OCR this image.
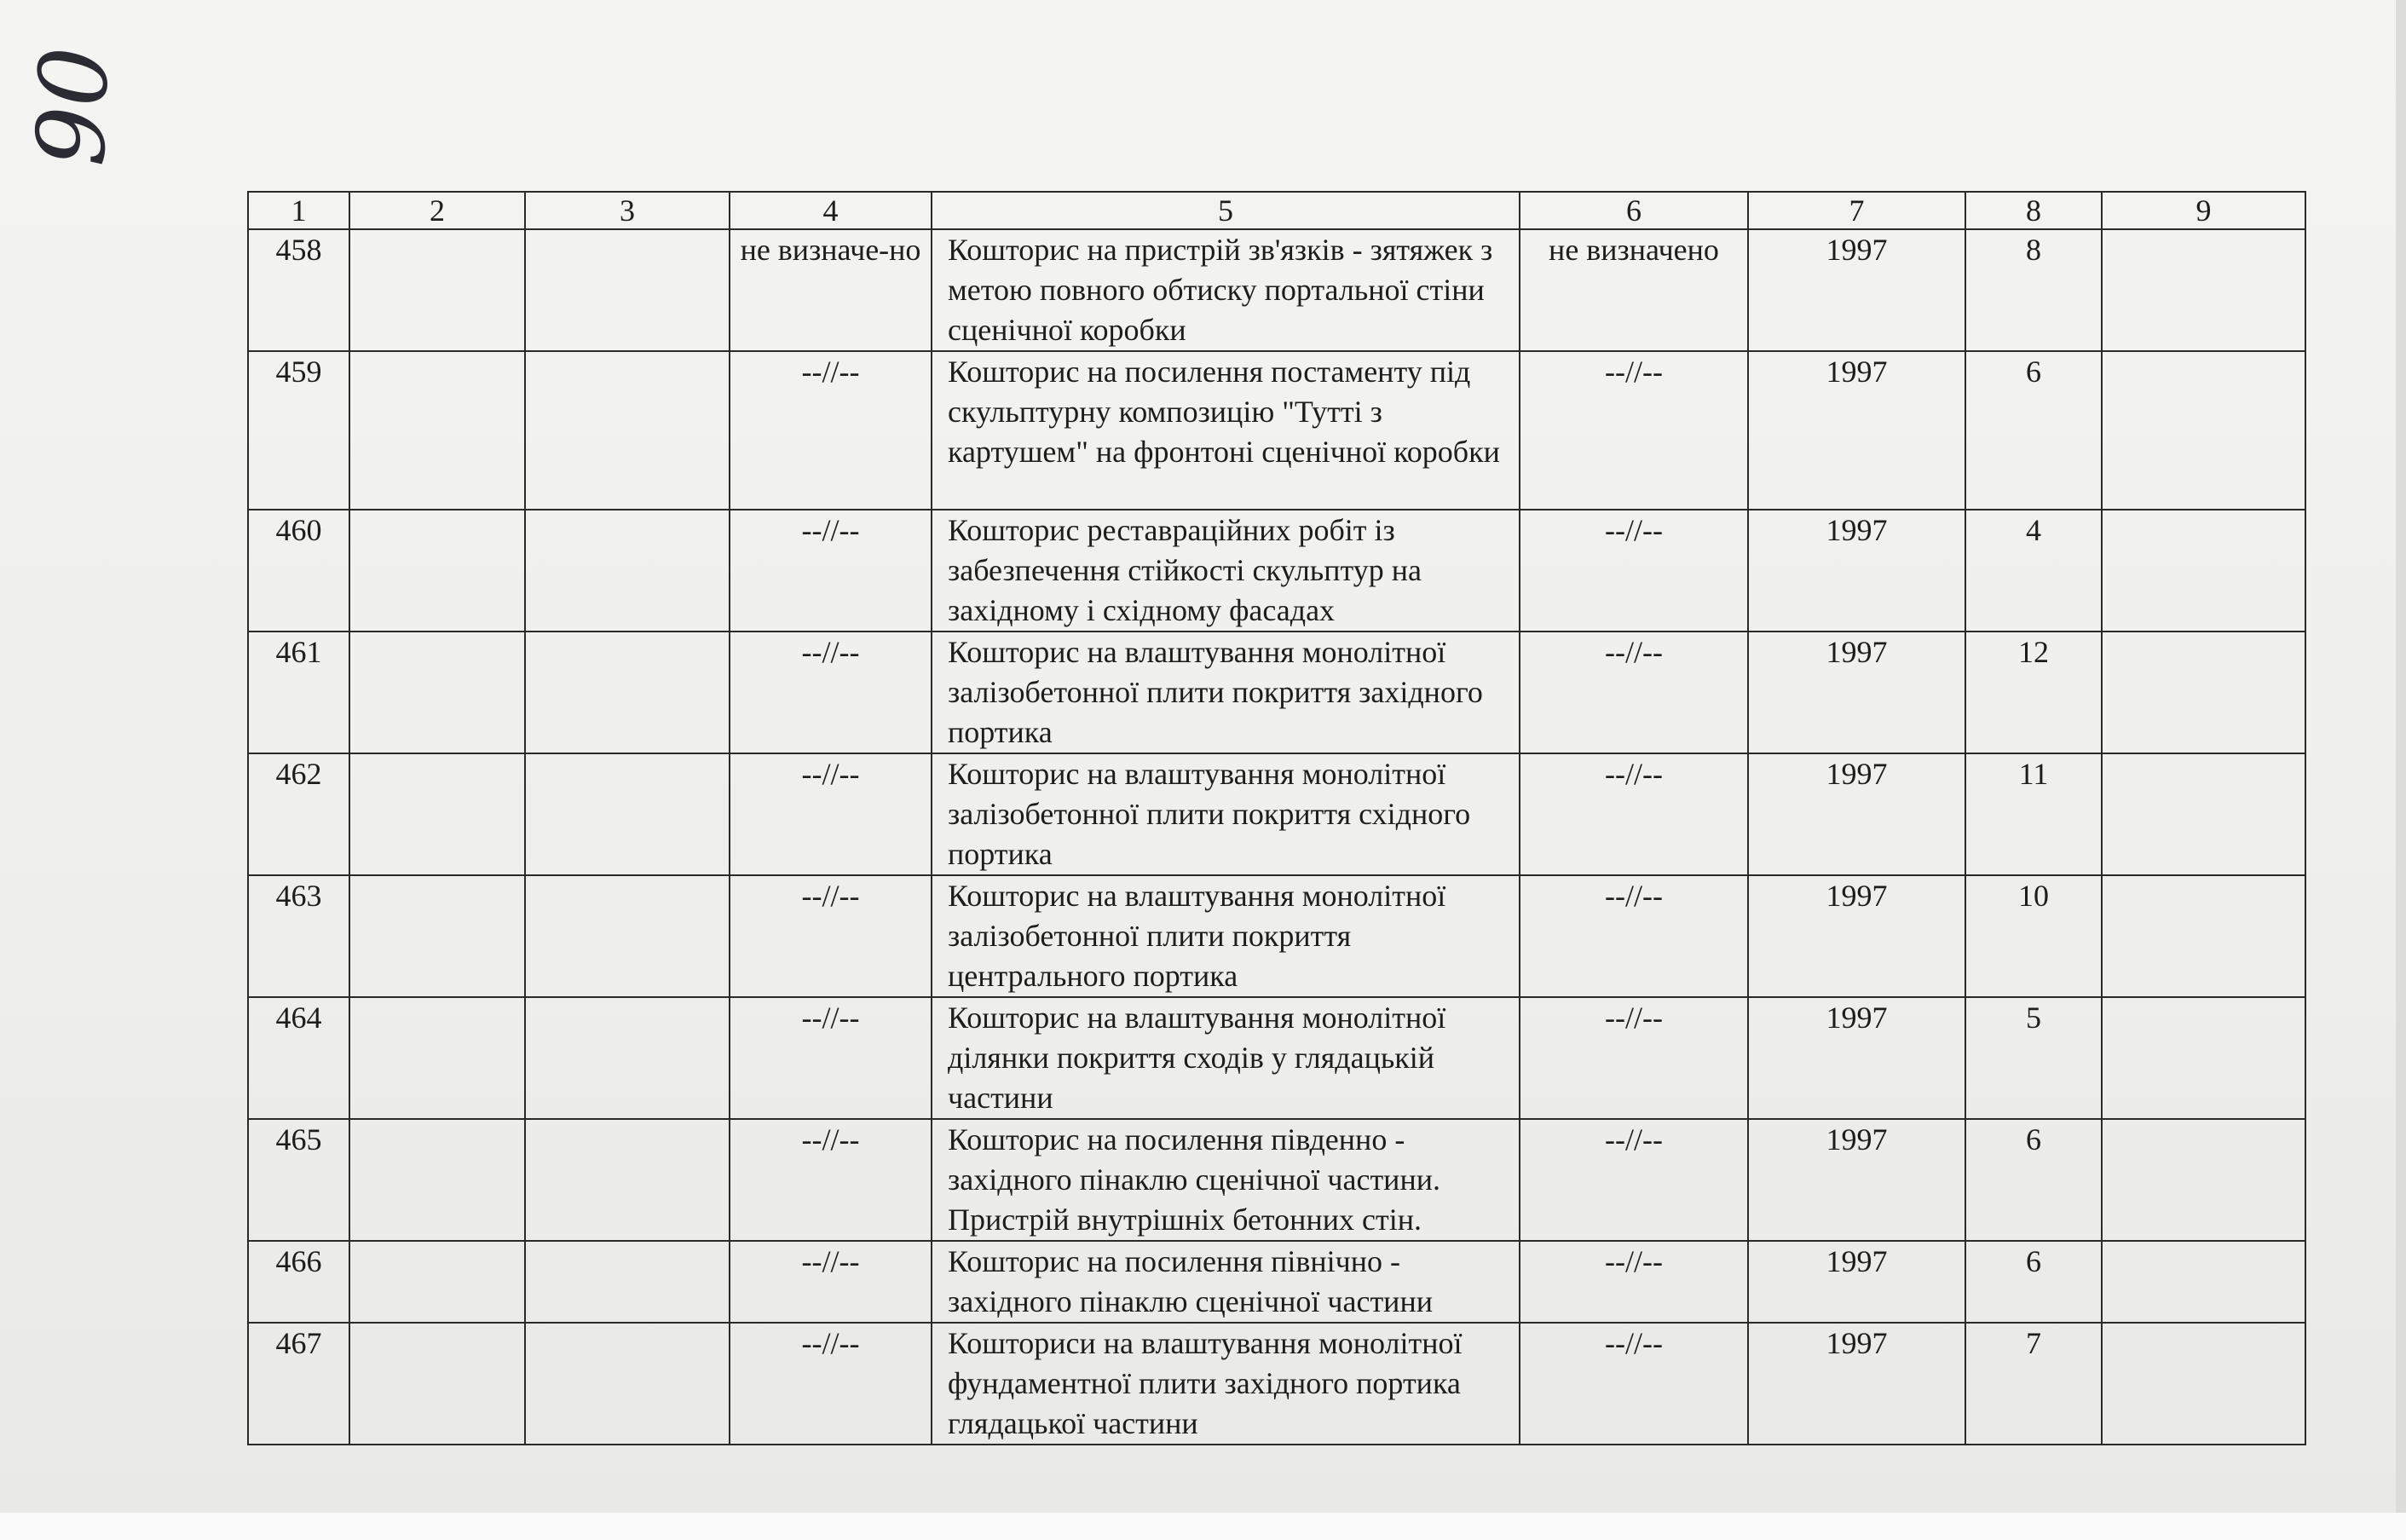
90
1	2	3	4	5	6	7	8	9
458			не визначе-но	Кошторис на пристрій зв'язків - зятяжек з метою повного обтиску портальної стіни сценічної коробки	не визначено	1997	8	
459			--//--	Кошторис на посилення постаменту під скульптурну композицію "Тутті з картушем" на фронтоні сценічної коробки	--//--	1997	6	
460			--//--	Кошторис реставраційних робіт із забезпечення стійкості скульптур на західному і східному фасадах	--//--	1997	4	
461			--//--	Кошторис на влаштування монолітної залізобетонної плити покриття західного портика	--//--	1997	12	
462			--//--	Кошторис на влаштування монолітної залізобетонної плити покриття східного портика	--//--	1997	11	
463			--//--	Кошторис на влаштування монолітної залізобетонної плити покриття центрального портика	--//--	1997	10	
464			--//--	Кошторис на влаштування монолітної ділянки покриття сходів у глядацькій частини	--//--	1997	5	
465			--//--	Кошторис на посилення південно - західного пінаклю сценічної частини. Пристрій внутрішніх бетонних стін.	--//--	1997	6	
466			--//--	Кошторис на посилення північно - західного пінаклю сценічної частини	--//--	1997	6	
467			--//--	Кошториси на влаштування монолітної фундаментної плити західного портика глядацької частини	--//--	1997	7	
